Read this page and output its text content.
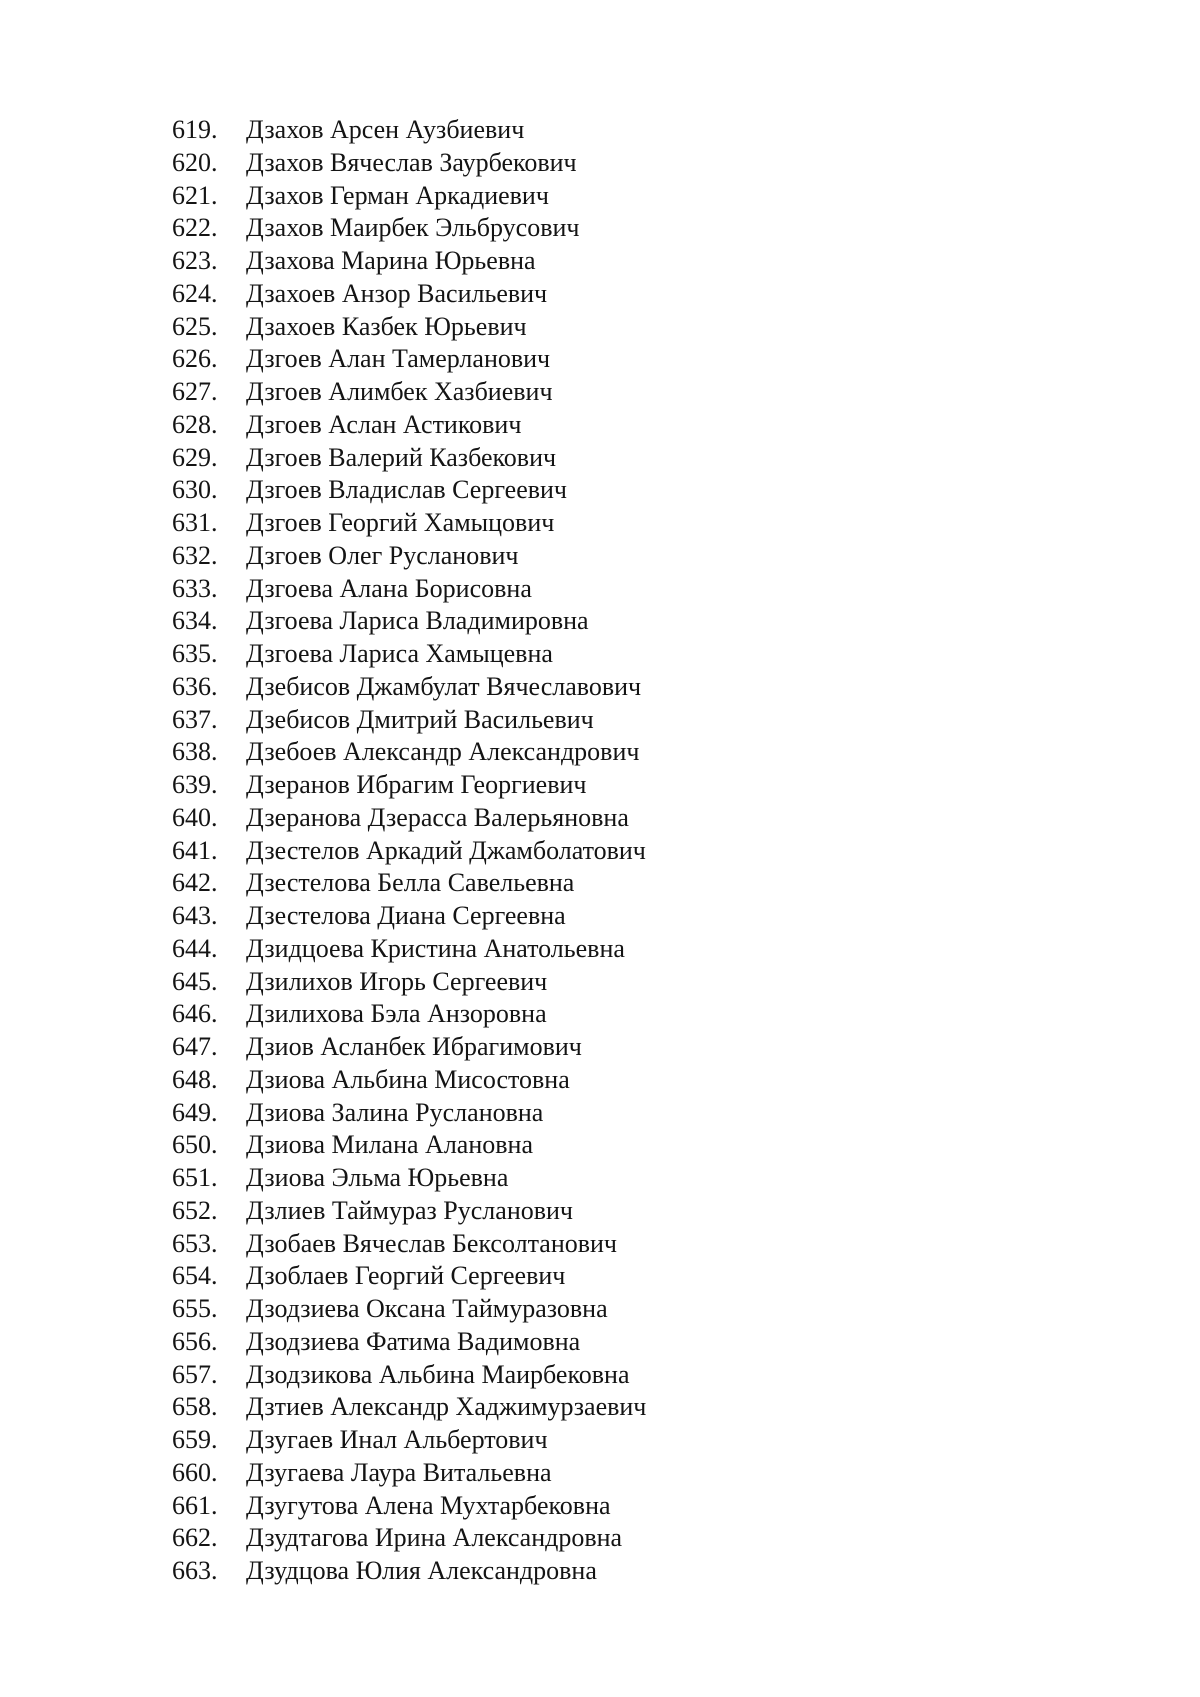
619.	Дзахов Арсен Аузбиевич
620.	Дзахов Вячеслав Заурбекович
621.	Дзахов Герман Аркадиевич
622.	Дзахов Маирбек Эльбрусович
623.	Дзахова Марина Юрьевна
624.	Дзахоев Анзор Васильевич
625.	Дзахоев Казбек Юрьевич
626.	Дзгоев Алан Тамерланович
627.	Дзгоев Алимбек Хазбиевич
628.	Дзгоев Аслан Астикович
629.	Дзгоев Валерий Казбекович
630.	Дзгоев Владислав Сергеевич
631.	Дзгоев Георгий Хамыцович
632.	Дзгоев Олег Русланович
633.	Дзгоева Алана Борисовна
634.	Дзгоева Лариса Владимировна
635.	Дзгоева Лариса Хамыцевна
636.	Дзебисов Джамбулат Вячеславович
637.	Дзебисов Дмитрий Васильевич
638.	Дзебоев Александр Александрович
639.	Дзеранов Ибрагим Георгиевич
640.	Дзеранова Дзерасса Валерьяновна
641.	Дзестелов Аркадий Джамболатович
642.	Дзестелова Белла Савельевна
643.	Дзестелова Диана Сергеевна
644.	Дзидцоева Кристина Анатольевна
645.	Дзилихов Игорь Сергеевич
646.	Дзилихова Бэла Анзоровна
647.	Дзиов Асланбек Ибрагимович
648.	Дзиова Альбина Мисостовна
649.	Дзиова Залина Руслановна
650.	Дзиова Милана Алановна
651.	Дзиова Эльма Юрьевна
652.	Дзлиев Таймураз Русланович
653.	Дзобаев Вячеслав Бексолтанович
654.	Дзоблаев Георгий Сергеевич
655.	Дзодзиева Оксана Таймуразовна
656.	Дзодзиева Фатима Вадимовна
657.	Дзодзикова Альбина Маирбековна
658.	Дзтиев Александр Хаджимурзаевич
659.	Дзугаев Инал Альбертович
660.	Дзугаева Лаура Витальевна
661.	Дзугутова Алена Мухтарбековна
662.	Дзудтагова Ирина Александровна
663.	Дзудцова Юлия Александровна
